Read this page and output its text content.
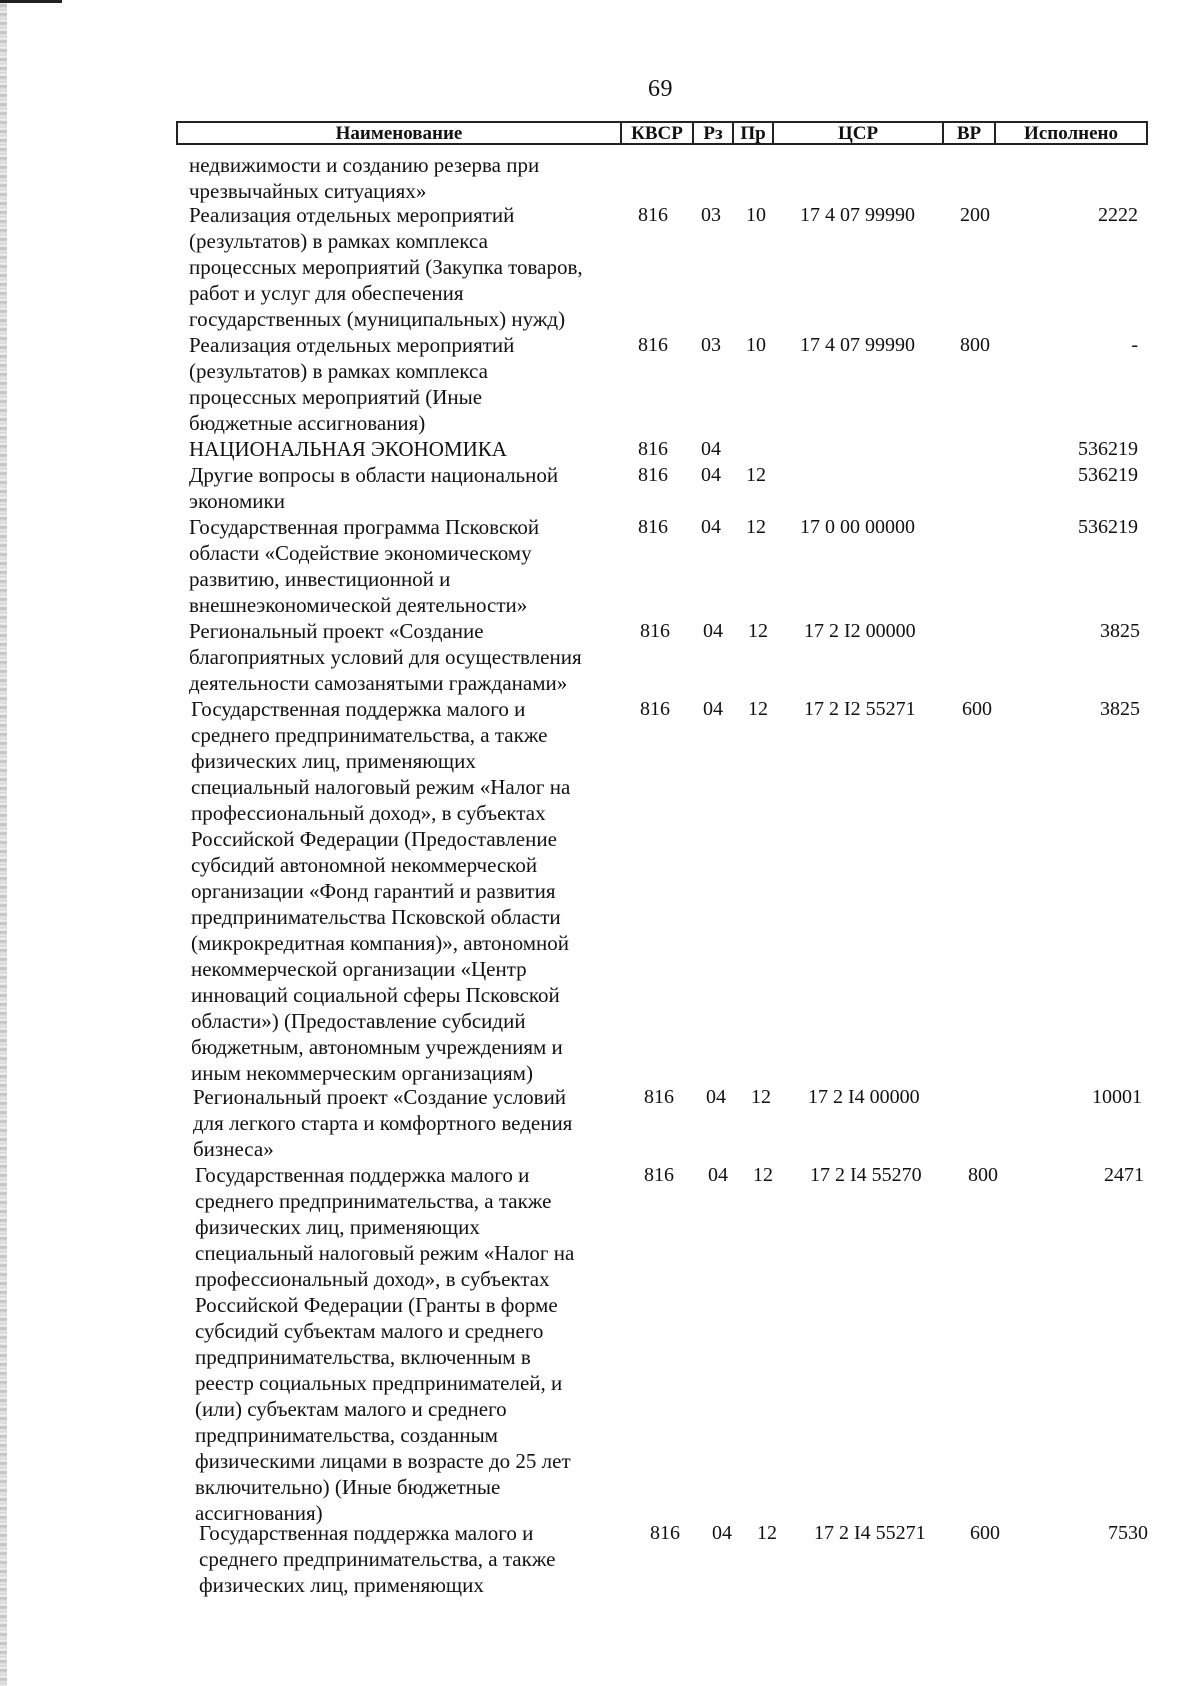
69
Наименование	КВСР	Рз Пр	ЦСР	ВР	Исполнено
недвижимости и созданию резерва при
чрезвычайных ситуациях»
Реализация отдельных мероприятий
(результатов) в рамках комплекса
процессных мероприятий (Закупка товаров,
работ и услуг для обеспечения
государственных (муниципальных) нужд)
816 03 10 17 4 07 99990 200	2222
Реализация отдельных мероприятий
(результатов) в рамках комплекса
процессных мероприятий (Иные
бюджетные ассигнования)
816 03 10 17 4 07 99990 800	-
НАЦИОНАЛЬНАЯ ЭКОНОМИКА	816 04	536219
Другие вопросы в области национальной
экономики
816 04 12	536219
Государственная программа Псковской
области «Содействие экономическому
развитию, инвестиционной и
внешнеэкономической деятельности»
816 04 12 17 0 00 00000	536219
Региональный проект «Создание
благоприятных условий для осуществления
деятельности самозанятыми гражданами»
816 04 12 17 2 I2 00000	3825
Государственная поддержка малого и
среднего предпринимательства, а также
физических лиц, применяющих
специальный налоговый режим «Налог на
профессиональный доход», в субъектах
Российской Федерации (Предоставление
субсидий автономной некоммерческой
организации «Фонд гарантий и развития
предпринимательства Псковской области
(микрокредитная компания)», автономной
некоммерческой организации «Центр
инноваций социальной сферы Псковской
области») (Предоставление субсидий
бюджетным, автономным учреждениям и
иным некоммерческим организациям)
816 04 12 17 2 I2 55271 600	3825
Региональный проект «Создание условий
для легкого старта и комфортного ведения
бизнеса»
816 04 12 17 2 I4 00000	10001
Государственная поддержка малого и
среднего предпринимательства, а также
физических лиц, применяющих
специальный налоговый режим «Налог на
профессиональный доход», в субъектах
Российской Федерации (Гранты в форме
субсидий субъектам малого и среднего
предпринимательства, включенным в
реестр социальных предпринимателей, и
(или) субъектам малого и среднего
предпринимательства, созданным
физическими лицами в возрасте до 25 лет
включительно) (Иные бюджетные
ассигнования)
816 04 12 17 2 I4 55270 800	2471
Государственная поддержка малого и
среднего предпринимательства, а также
физических лиц, применяющих
816 04 12 17 2 I4 55271 600	7530
